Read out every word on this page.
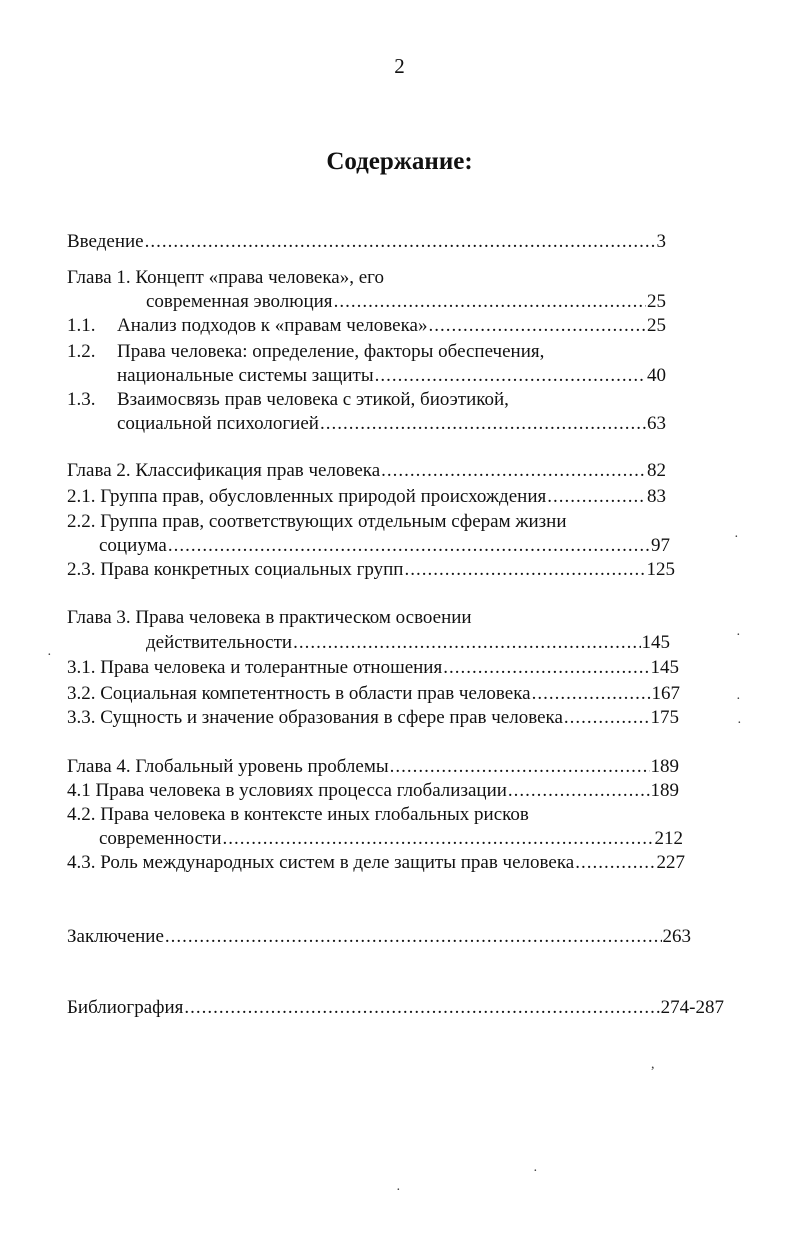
2
Содержание:
Введение .....	3
Глава 1. Концепт «права человека», его
современная эволюция .....	25
1.1.	Анализ подходов к «правам человека» .....	25
1.2. Права человека: определение, факторы обеспечения,
национальные системы защиты .....	40
1.3. Взаимосвязь прав человека с этикой, биоэтикой,
социальной психологией .....	63
Глава 2. Классификация прав человека .....	82
2.1. Группа прав, обусловленных природой происхождения .....	83
2.2. Группа прав, соответствующих отдельным сферам жизни
социума .....	97
2.3. Права конкретных социальных групп .....	125
Глава 3. Права человека в практическом освоении
действительности .....	145
3.1. Права человека и толерантные отношения .....	145
3.2. Социальная компетентность в области прав человека .....	167
3.3. Сущность и значение образования в сфере прав человека .....	175
Глава 4. Глобальный уровень проблемы .....	189
4.1 Права человека в условиях процесса глобализации .....	189
4.2. Права человека в контексте иных глобальных рисков
современности .....	212
4.3. Роль международных систем в деле защиты прав человека .....	227
Заключение .....	263
Библиография .....	274-287
·
·
·
·
·
,
·
·
